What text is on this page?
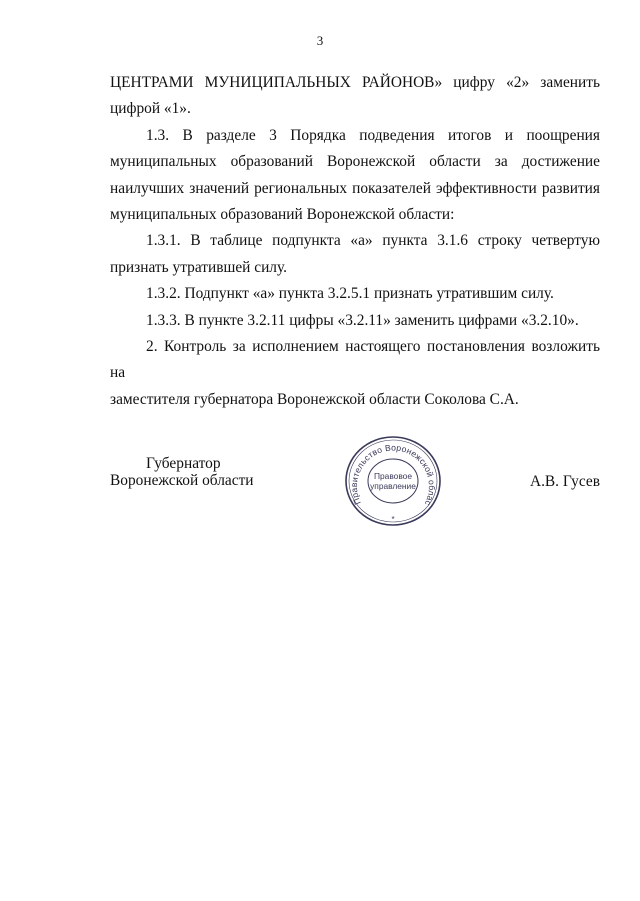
3

ЦЕНТРАМИ МУНИЦИПАЛЬНЫХ РАЙОНОВ» цифру «2» заменить

цифрой «1».

1.3. В разделе 3 Порядка подведения итогов и поощрения

муниципальных образований Воронежской области за достижение

наилучших значений региональных показателей эффективности развития

муниципальных образований Воронежской области:

1.3.1. В таблице подпункта «а» пункта 3.1.6 строку четвертую

признать утратившей силу.

1.3.2. Подпункт «а» пункта 3.2.5.1 признать утратившим силу.

1.3.3. В пункте 3.2.11 цифры «3.2.11» заменить цифрами «3.2.10».

2. Контроль за исполнением настоящего постановления возложить на

заместителя губернатора Воронежской области Соколова С.А.

Губернатор
Воронежской области
Правительство Воронежской облас
Правовое
управление
*
А.В. Гусев
